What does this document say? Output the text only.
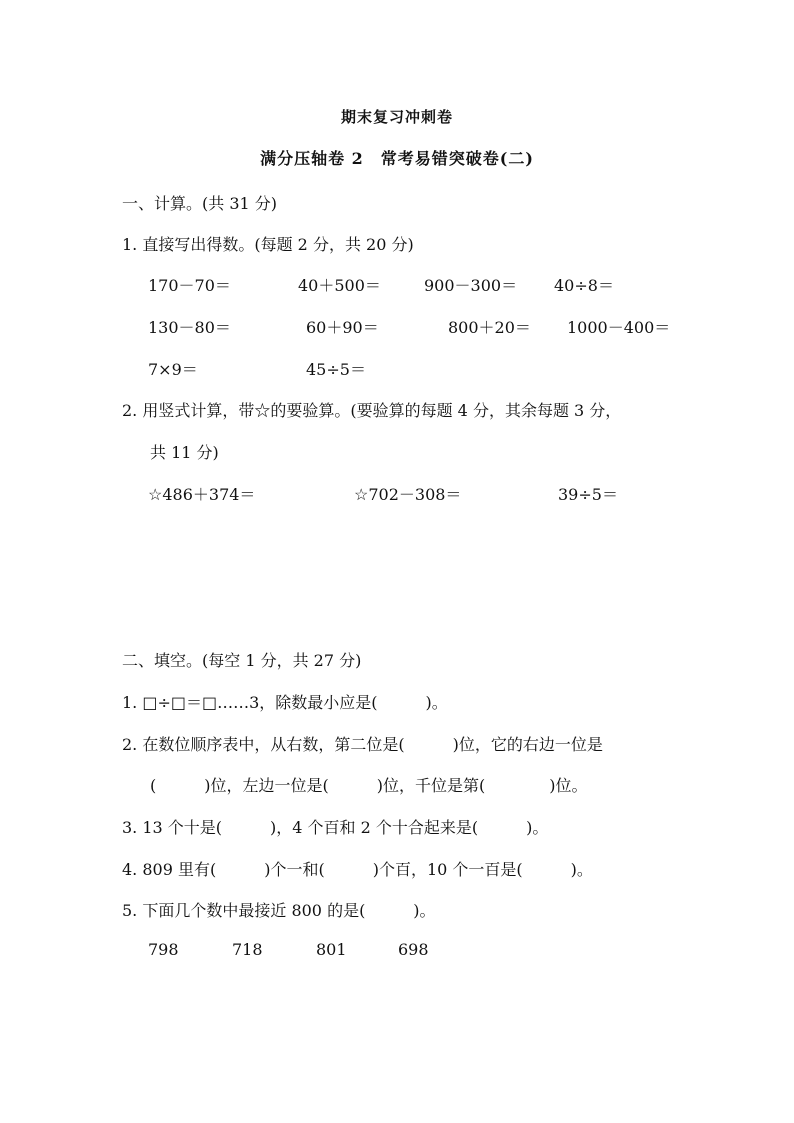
期末复习冲刺卷
满分压轴卷 2　常考易错突破卷(二)
一、计算。(共 31 分)
1. 直接写出得数。(每题 2 分，共 20 分)
170－70＝	40＋500＝	900－300＝ 40÷8＝
130－80＝	60＋90＝	800＋20＝ 1000－400＝
7×9＝	45÷5＝
2. 用竖式计算，带☆的要验算。(要验算的每题 4 分，其余每题 3 分，
共 11 分)
☆486＋374＝	☆702－308＝	39÷5＝
二、填空。(每空 1 分，共 27 分)
1. □÷□＝□……3，除数最小应是(　　　)。
2. 在数位顺序表中，从右数，第二位是(　　　)位，它的右边一位是
(　　　)位，左边一位是(　　　)位，千位是第(　　　　)位。
3. 13 个十是(　　　)，4 个百和 2 个十合起来是(　　　)。
4. 809 里有(　　　)个一和(　　　)个百，10 个一百是(　　　)。
5. 下面几个数中最接近 800 的是(　　　)。
798	718	801	698
